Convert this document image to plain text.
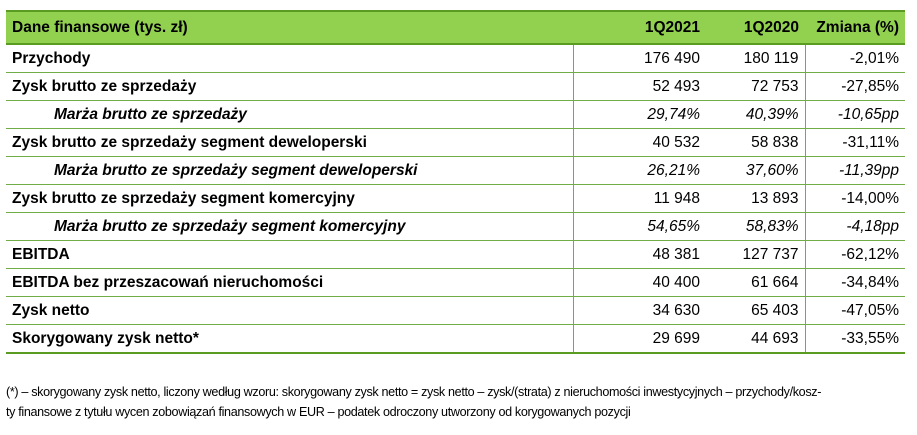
Dane finansowe (tys. zł)	1Q2021	1Q2020	Zmiana (%)
Przychody	176 490	180 119	-2,01%
Zysk brutto ze sprzedaży	52 493	72 753	-27,85%
Marża brutto ze sprzedaży	29,74%	40,39%	-10,65pp
Zysk brutto ze sprzedaży segment deweloperski	40 532	58 838	-31,11%
Marża brutto ze sprzedaży segment deweloperski	26,21%	37,60%	-11,39pp
Zysk brutto ze sprzedaży segment komercyjny	11 948	13 893	-14,00%
Marża brutto ze sprzedaży segment komercyjny	54,65%	58,83%	-4,18pp
EBITDA	48 381	127 737	-62,12%
EBITDA bez przeszacowań nieruchomości	40 400	61 664	-34,84%
Zysk netto	34 630	65 403	-47,05%
Skorygowany zysk netto*	29 699	44 693	-33,55%
(*) – skorygowany zysk netto, liczony według wzoru: skorygowany zysk netto = zysk netto – zysk/(strata) z nieruchomości inwestycyjnych – przychody/kosz-
ty finansowe z tytułu wycen zobowiązań finansowych w EUR – podatek odroczony utworzony od korygowanych pozycji
